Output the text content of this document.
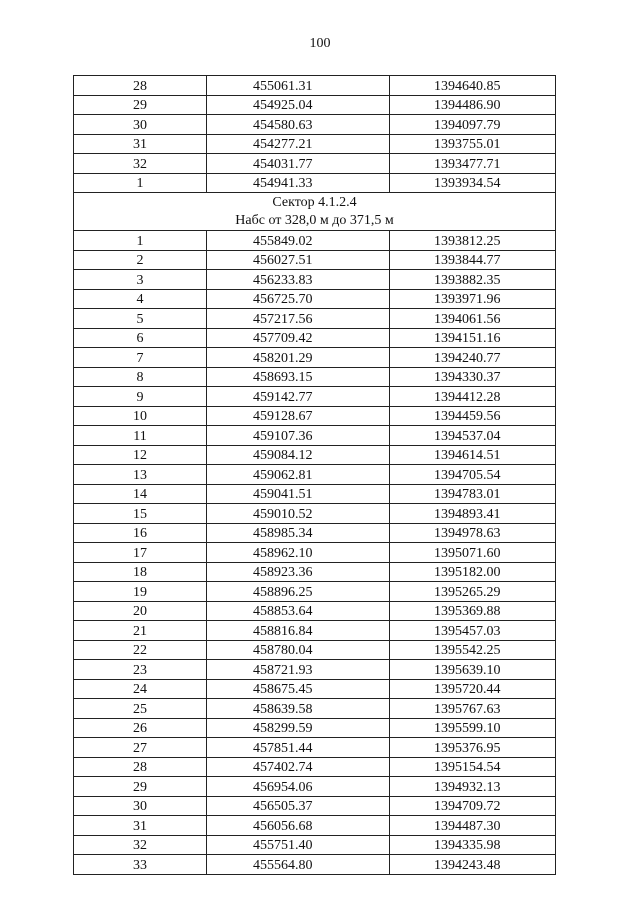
100
28	455061.31	1394640.85
29	454925.04	1394486.90
30	454580.63	1394097.79
31	454277.21	1393755.01
32	454031.77	1393477.71
1	454941.33	1393934.54

Сектор 4.1.2.4
Набс от 328,0 м до 371,5 м		

1	455849.02	1393812.25
2	456027.51	1393844.77
3	456233.83	1393882.35
4	456725.70	1393971.96
5	457217.56	1394061.56
6	457709.42	1394151.16
7	458201.29	1394240.77
8	458693.15	1394330.37
9	459142.77	1394412.28
10	459128.67	1394459.56
11	459107.36	1394537.04
12	459084.12	1394614.51
13	459062.81	1394705.54
14	459041.51	1394783.01
15	459010.52	1394893.41
16	458985.34	1394978.63
17	458962.10	1395071.60
18	458923.36	1395182.00
19	458896.25	1395265.29
20	458853.64	1395369.88
21	458816.84	1395457.03
22	458780.04	1395542.25
23	458721.93	1395639.10
24	458675.45	1395720.44
25	458639.58	1395767.63
26	458299.59	1395599.10
27	457851.44	1395376.95
28	457402.74	1395154.54
29	456954.06	1394932.13
30	456505.37	1394709.72
31	456056.68	1394487.30
32	455751.40	1394335.98
33	455564.80	1394243.48
